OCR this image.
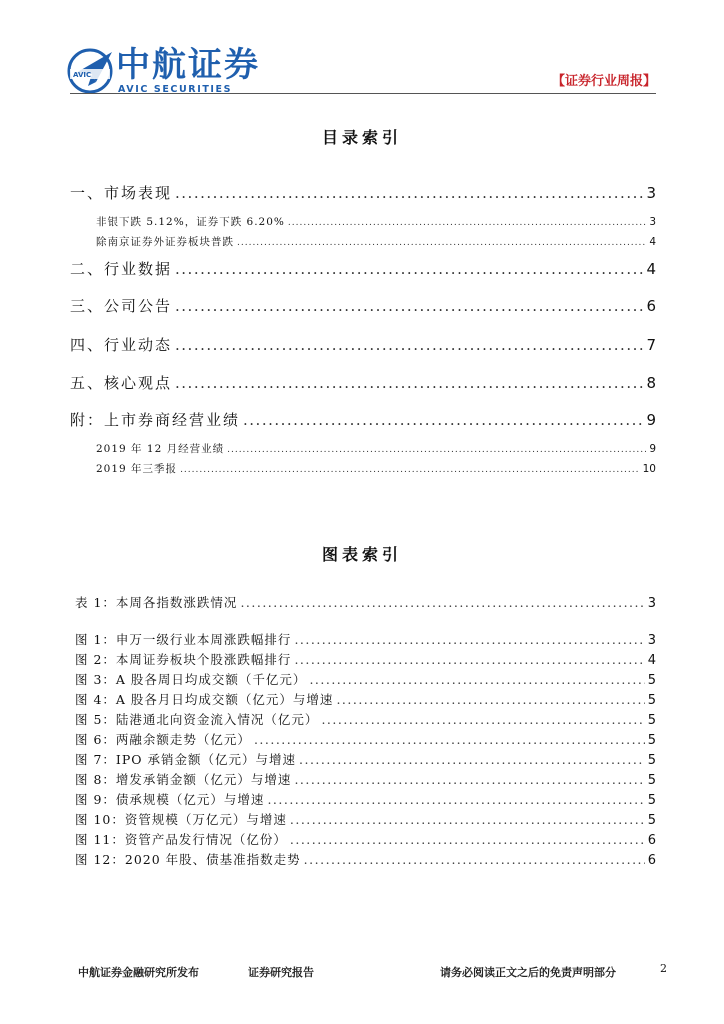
AVIC 中航证券
AVIC SECURITIES
【证券行业周报】
目录索引
一、市场表现 .....	3
非银下跌 5.12%，证券下跌 6.20% .....	3
除南京证券外证券板块普跌 .....	4
二、行业数据 .....	4
三、公司公告 .....	6
四、行业动态 .....	7
五、核心观点 .....	8
附：上市券商经营业绩 .....	9
2019 年 12 月经营业绩 .....	9
2019 年三季报 .....	10
图表索引
表 1：本周各指数涨跌情况 .....	3
图 1：申万一级行业本周涨跌幅排行 .....	3
图 2：本周证券板块个股涨跌幅排行 .....	4
图 3：A 股各周日均成交额（千亿元） .....	5
图 4：A 股各月日均成交额（亿元）与增速 .....	5
图 5：陆港通北向资金流入情况（亿元） .....	5
图 6：两融余额走势（亿元） .....	5
图 7：IPO 承销金额（亿元）与增速 .....	5
图 8：增发承销金额（亿元）与增速 .....	5
图 9：债承规模（亿元）与增速 .....	5
图 10：资管规模（万亿元）与增速 .....	5
图 11：资管产品发行情况（亿份） .....	6
图 12：2020 年股、债基准指数走势 .....	6
中航证券金融研究所发布	证券研究报告	请务必阅读正文之后的免责声明部分	2
